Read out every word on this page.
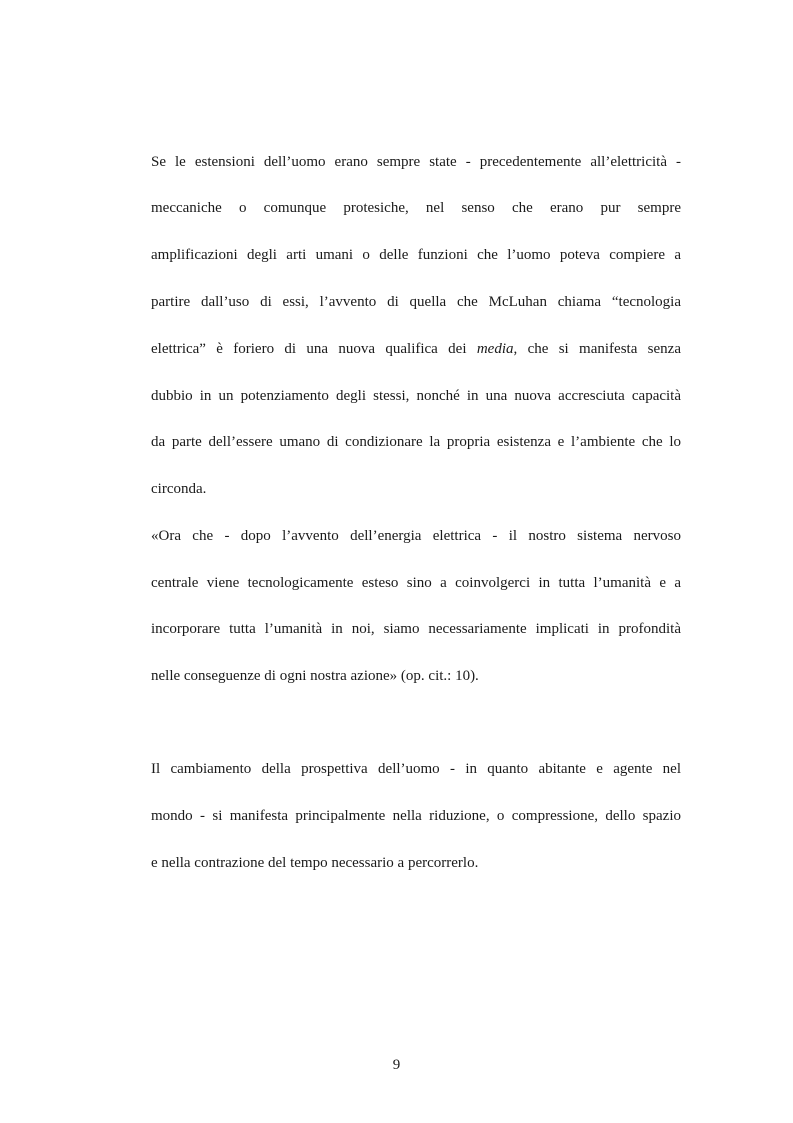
Se le estensioni dell’uomo erano sempre state - precedentemente all’elettricità -
meccaniche o comunque protesiche, nel senso che erano pur sempre
amplificazioni degli arti umani o delle funzioni che l’uomo poteva compiere a
partire dall’uso di essi, l’avvento di quella che McLuhan chiama “tecnologia
elettrica” è foriero di una nuova qualifica dei media, che si manifesta senza
dubbio in un potenziamento degli stessi, nonché in una nuova accresciuta capacità
da parte dell’essere umano di condizionare la propria esistenza e l’ambiente che lo
circonda.
«Ora che - dopo l’avvento dell’energia elettrica - il nostro sistema nervoso
centrale viene tecnologicamente esteso sino a coinvolgerci in tutta l’umanità e a
incorporare tutta l’umanità in noi, siamo necessariamente implicati in profondità
nelle conseguenze di ogni nostra azione» (op. cit.: 10).
Il cambiamento della prospettiva dell’uomo - in quanto abitante e agente nel
mondo - si manifesta principalmente nella riduzione, o compressione, dello spazio
e nella contrazione del tempo necessario a percorrerlo.
9
